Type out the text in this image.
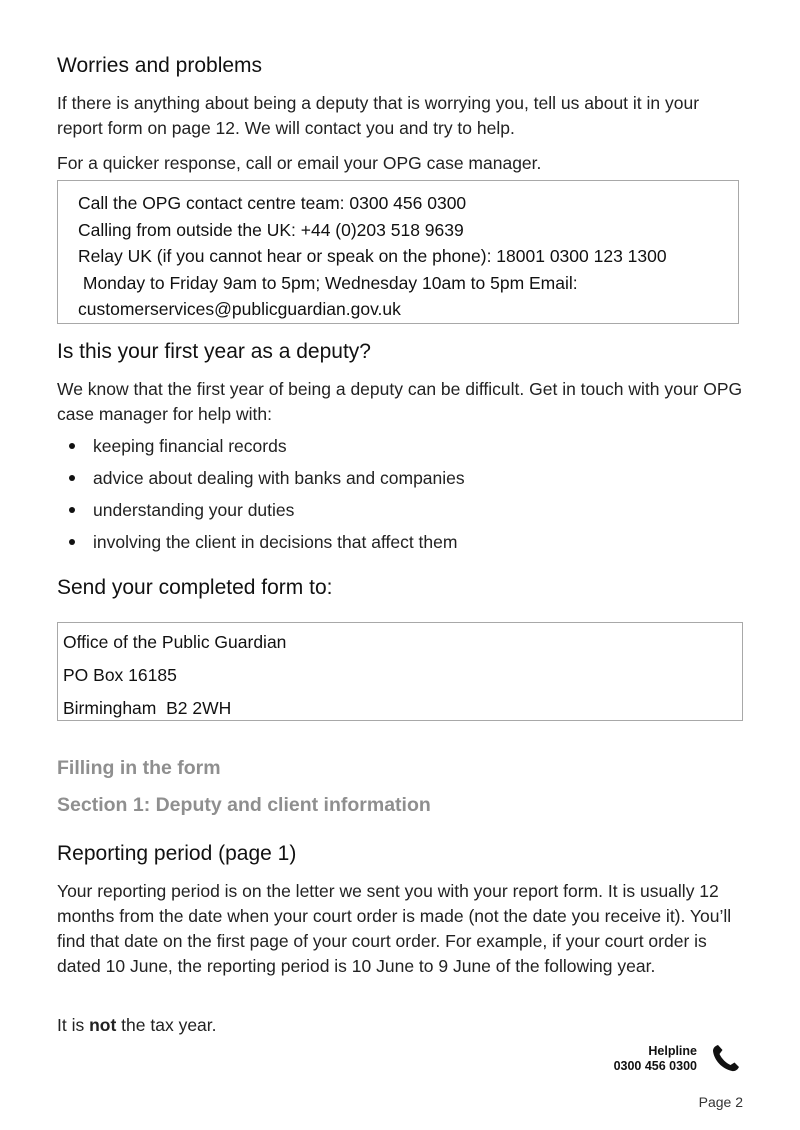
Worries and problems

If there is anything about being a deputy that is worrying you, tell us about it in your report form on page 12. We will contact you and try to help.

For a quicker response, call or email your OPG case manager.

Call the OPG contact centre team: 0300 456 0300
Calling from outside the UK: +44 (0)203 518 9639
Relay UK (if you cannot hear or speak on the phone): 18001 0300 123 1300
Monday to Friday 9am to 5pm; Wednesday 10am to 5pm Email:
customerservices@publicguardian.gov.uk
Is this your first year as a deputy?

We know that the first year of being a deputy can be difficult. Get in touch with your OPG case manager for help with:

keeping financial records
advice about dealing with banks and companies
understanding your duties
involving the client in decisions that affect them
Send your completed form to:
Office of the Public Guardian
PO Box 16185
Birmingham  B2 2WH
Filling in the form
Section 1: Deputy and client information
Reporting period (page 1)

Your reporting period is on the letter we sent you with your report form. It is usually 12 months from the date when your court order is made (not the date you receive it). You’ll find that date on the first page of your court order. For example, if your court order is dated 10 June, the reporting period is 10 June to 9 June of the following year.

It is not the tax year.

Helpline
0300 456 0300
Page 2
